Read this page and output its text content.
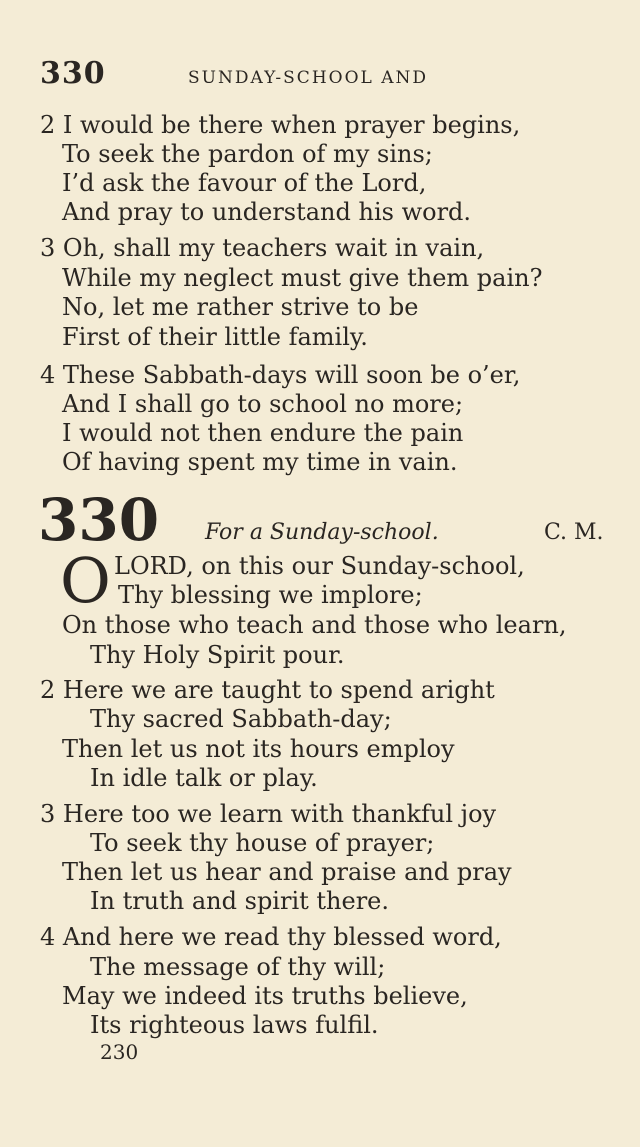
330	SUNDAY-SCHOOL AND
2 I would be there when prayer begins,
To seek the pardon of my sins;
I’d ask the favour of the Lord,
And pray to understand his word.
3 Oh, shall my teachers wait in vain,
While my neglect must give them pain?
No, let me rather strive to be
First of their little family.
4 These Sabbath-days will soon be o’er,
And I shall go to school no more;
I would not then endure the pain
Of having spent my time in vain.
330 For a Sunday-school.	C. M.
O LORD, on this our Sunday-school,
Thy blessing we implore;
On those who teach and those who learn,
Thy Holy Spirit pour.
2 Here we are taught to spend aright
Thy sacred Sabbath-day;
Then let us not its hours employ
In idle talk or play.
3 Here too we learn with thankful joy
To seek thy house of prayer;
Then let us hear and praise and pray
In truth and spirit there.
4 And here we read thy blessed word,
The message of thy will;
May we indeed its truths believe,
Its righteous laws fulfil.
230
